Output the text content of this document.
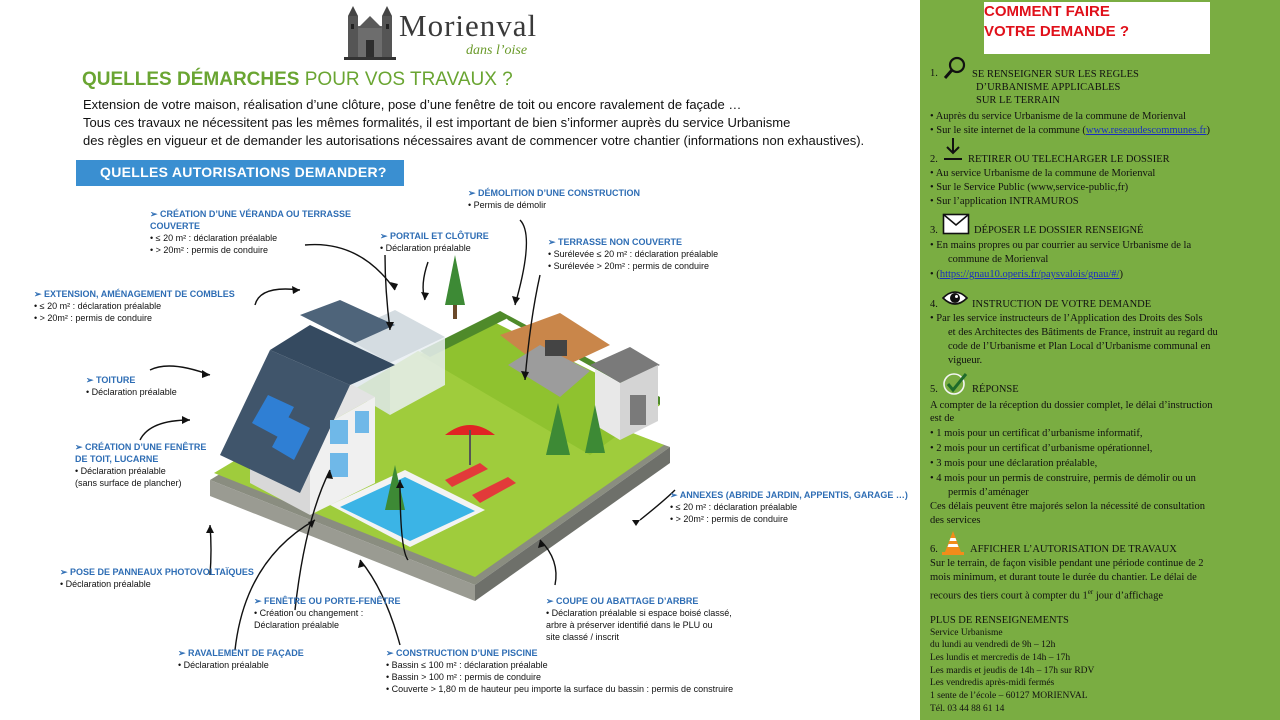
Morienval
dans l’oise
QUELLES DÉMARCHES POUR VOS TRAVAUX ?
Extension de votre maison, réalisation d’une clôture, pose d’une fenêtre de toit ou encore ravalement de façade …
Tous ces travaux ne nécessitent pas les mêmes formalités, il est important de bien s’informer auprès du service Urbanisme
des règles en vigueur et de demander les autorisations nécessaires avant de commencer votre chantier (informations non exhaustives).
QUELLES AUTORISATIONS DEMANDER?
➢ DÉMOLITION D’UNE CONSTRUCTION
• Permis de démolir
➢ CRÉATION D’UNE VÉRANDA OU TERRASSE COUVERTE
• ≤ 20 m² : déclaration préalable
• > 20m² : permis de conduire
➢ PORTAIL ET CLÔTURE
• Déclaration préalable
➢ TERRASSE NON COUVERTE
• Surélevée ≤ 20 m² : déclaration préalable
• Surélevée > 20m² : permis de conduire
➢ EXTENSION, AMÉNAGEMENT DE COMBLES
• ≤ 20 m² : déclaration préalable
• > 20m² : permis de conduire
➢ TOITURE
• Déclaration préalable
➢ CRÉATION D’UNE FENÊTRE DE TOIT, LUCARNE
• Déclaration préalable
(sans surface de plancher)
➢ ANNEXES (ABRIDE JARDIN, APPENTIS, GARAGE …)
• ≤ 20 m² : déclaration préalable
• > 20m² : permis de conduire
➢ POSE DE PANNEAUX PHOTOVOLTAÏQUES
• Déclaration préalable
➢ FENÊTRE OU PORTE-FENÊTRE
• Création ou changement :
Déclaration préalable
➢ COUPE OU ABATTAGE D’ARBRE
• Déclaration préalable si espace boisé classé,
arbre à préserver identifié dans le PLU ou
site classé / inscrit
➢ RAVALEMENT DE FAÇADE
• Déclaration préalable
➢ CONSTRUCTION D’UNE PISCINE
• Bassin ≤ 100 m² : déclaration préalable
• Bassin > 100 m² : permis de conduire
• Couverte > 1,80 m de hauteur peu importe la surface du bassin : permis de construire
COMMENT FAIRE
VOTRE DEMANDE ?
1.	SE RENSEIGNER SUR LES REGLES
D’URBANISME APPLICABLES
SUR LE TERRAIN
• Auprès du service Urbanisme de la commune de Morienval
• Sur le site internet de la commune (www.reseaudescommunes.fr)
2.	RETIRER OU TELECHARGER LE DOSSIER
• Au service Urbanisme de la commune de Morienval
• Sur le Service Public (www,service-public,fr)
• Sur l’application INTRAMUROS
3.	DÉPOSER LE DOSSIER RENSEIGNÉ
• En mains propres ou par courrier au service Urbanisme de la
commune de Morienval
• (https://gnau10.operis.fr/paysvalois/gnau/#/)
4.	INSTRUCTION DE VOTRE DEMANDE
• Par les service instructeurs de l’Application des Droits des Sols
et des Architectes des Bâtiments de France, instruit au regard du
code de l’Urbanisme et Plan Local d’Urbanisme communal en
vigueur.
5.	RÉPONSE
A compter de la réception du dossier complet, le délai d’instruction
est de
• 1 mois pour un certificat d’urbanisme informatif,
• 2 mois pour un certificat d’urbanisme opérationnel,
• 3 mois pour une déclaration préalable,
• 4 mois pour un permis de construire, permis de démolir ou un
permis d’aménager
Ces délais peuvent être majorés selon la nécessité de consultation
des services
6.	AFFICHER L’AUTORISATION DE TRAVAUX
Sur le terrain, de façon visible pendant une période continue de 2
mois minimum, et durant toute le durée du chantier. Le délai de
recours des tiers court à compter du 1er jour d’affichage
PLUS DE RENSEIGNEMENTS
Service Urbanisme
du lundi au vendredi de 9h – 12h
Les lundis et mercredis de 14h – 17h
Les mardis et jeudis de 14h – 17h sur RDV
Les vendredis après-midi fermés
1 sente de l’école – 60127 MORIENVAL
Tél. 03 44 88 61 14
